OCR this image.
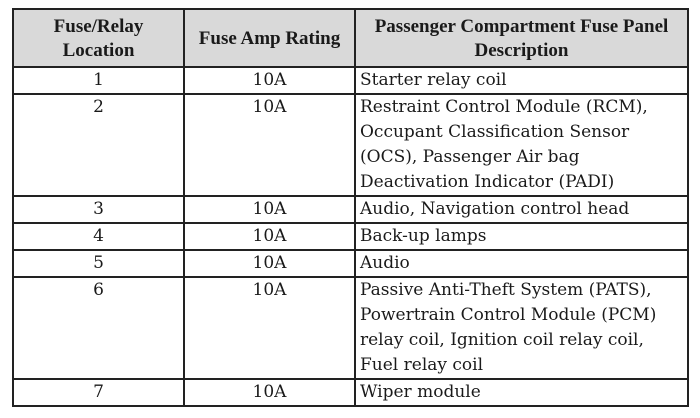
Fuse/Relay Location	Fuse Amp Rating	Passenger Compartment Fuse Panel Description
1	10A	Starter relay coil
2	10A	Restraint Control Module (RCM), Occupant Classification Sensor (OCS), Passenger Air bag Deactivation Indicator (PADI)
3	10A	Audio, Navigation control head
4	10A	Back-up lamps
5	10A	Audio
6	10A	Passive Anti-Theft System (PATS), Powertrain Control Module (PCM) relay coil, Ignition coil relay coil, Fuel relay coil
7	10A	Wiper module
